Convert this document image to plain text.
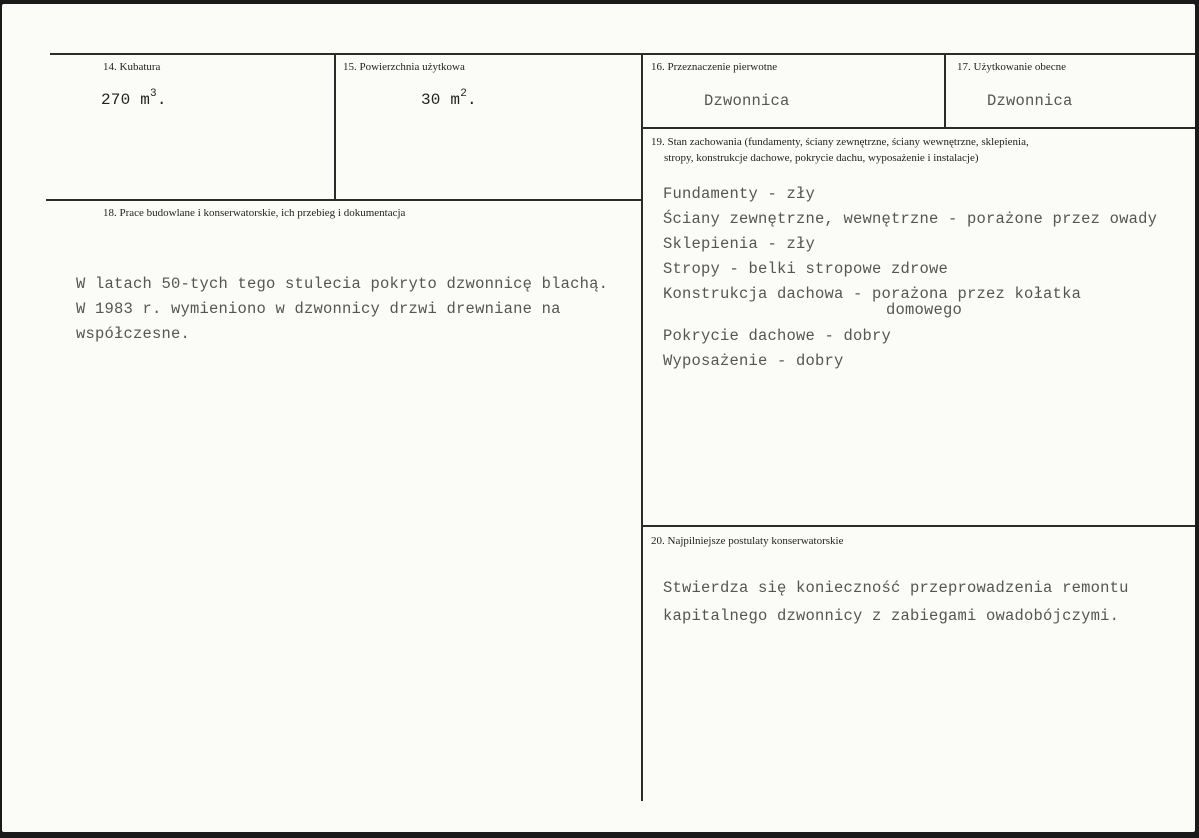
14. Kubatura
270 $m^3$.
15. Powierzchnia użytkowa
30 $m^2$.
16. Przeznaczenie pierwotne
Dzwonnica
17. Użytkowanie obecne
Dzwonnica
18. Prace budowlane i konserwatorskie, ich przebieg i dokumentacja
W latach 50-tych tego stulecia pokryto dzwonnicę blachą.
W 1983 r. wymieniono w dzwonnicy drzwi drewniane na
współczesne.
19. Stan zachowania (fundamenty, ściany zewnętrzne, ściany wewnętrzne, sklepienia,
stropy, konstrukcje dachowe, pokrycie dachu, wyposażenie i instalacje)
Fundamenty - zły
Ściany zewnętrzne, wewnętrzne - porażone przez owady
Sklepienia - zły
Stropy - belki stropowe zdrowe
Konstrukcja dachowa - porażona przez kołatka
domowego
Pokrycie dachowe - dobry
Wyposażenie - dobry
20. Najpilniejsze postulaty konserwatorskie
Stwierdza się konieczność przeprowadzenia remontu
kapitalnego dzwonnicy z zabiegami owadobójczymi.
